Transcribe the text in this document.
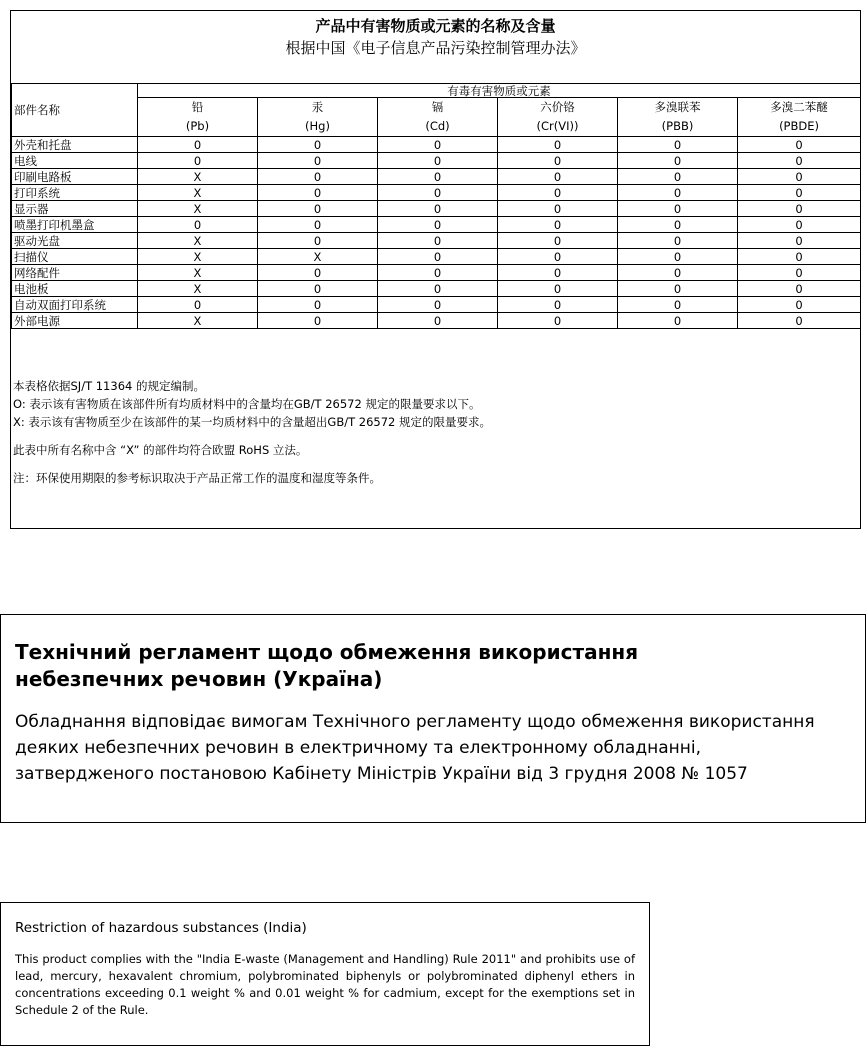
产品中有害物质或元素的名称及含量
根据中国《电子信息产品污染控制管理办法》
部件名称	有毒有害物质或元素					
	铅	汞	镉	六价铬	多溴联苯	多溴二苯醚
	(Pb)	(Hg)	(Cd)	(Cr(VI))	(PBB)	(PBDE)
外壳和托盘	0	0	0	0	0	0
电线	0	0	0	0	0	0
印刷电路板	X	0	0	0	0	0
打印系统	X	0	0	0	0	0
显示器	X	0	0	0	0	0
喷墨打印机墨盒	0	0	0	0	0	0
驱动光盘	X	0	0	0	0	0
扫描仪	X	X	0	0	0	0
网络配件	X	0	0	0	0	0
电池板	X	0	0	0	0	0
自动双面打印系统	0	0	0	0	0	0
外部电源	X	0	0	0	0	0
本表格依据SJ/T 11364 的规定编制。
O: 表示该有害物质在该部件所有均质材料中的含量均在GB/T 26572 规定的限量要求以下。
X: 表示该有害物质至少在该部件的某一均质材料中的含量超出GB/T 26572 规定的限量要求。
此表中所有名称中含 “X” 的部件均符合欧盟 RoHS 立法。
注：环保使用期限的参考标识取决于产品正常工作的温度和湿度等条件。
Технічний регламент щодо обмеження використання
небезпечних речовин (Україна)
Обладнання відповідає вимогам Технічного регламенту щодо обмеження використання
деяких небезпечних речовин в електричному та електронному обладнанні,
затвердженого постановою Кабінету Міністрів України від 3 грудня 2008 № 1057
Restriction of hazardous substances (India)
This product complies with the "India E-waste (Management and Handling) Rule 2011" and prohibits use of lead, mercury, hexavalent chromium, polybrominated biphenyls or polybrominated diphenyl ethers in concentrations exceeding 0.1 weight % and 0.01 weight % for cadmium, except for the exemptions set in Schedule 2 of the Rule.
